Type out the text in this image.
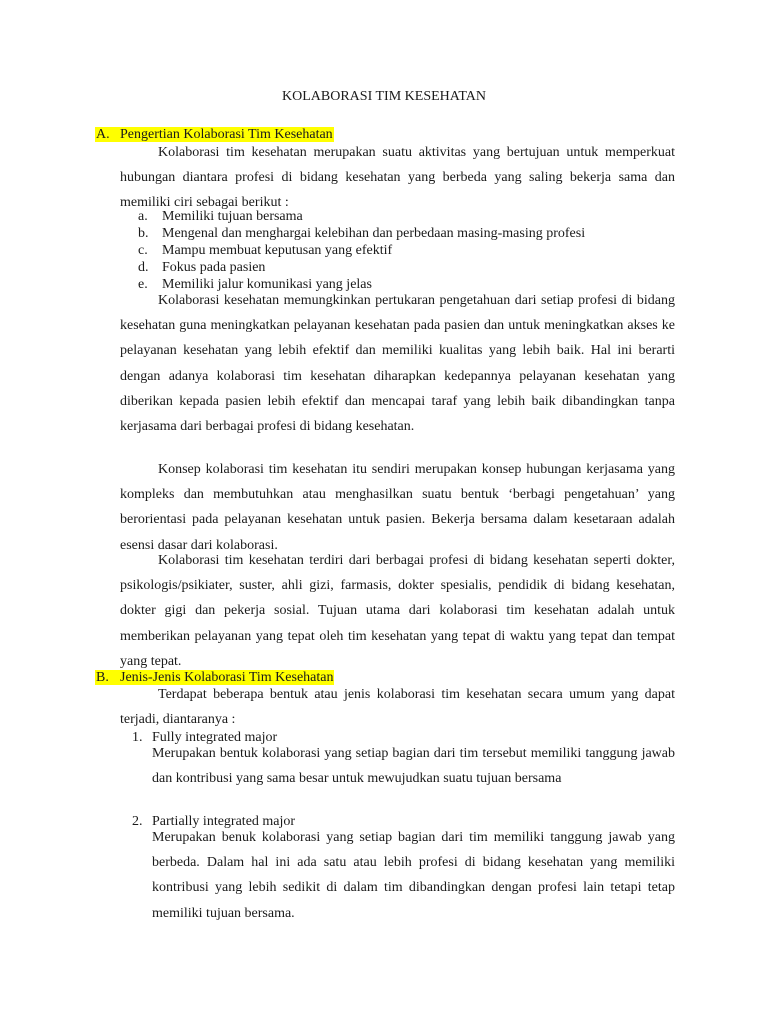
KOLABORASI TIM KESEHATAN
A. Pengertian Kolaborasi Tim Kesehatan

Kolaborasi tim kesehatan merupakan suatu aktivitas yang bertujuan untuk memperkuat hubungan diantara profesi di bidang kesehatan yang berbeda yang saling bekerja sama dan memiliki ciri sebagai berikut :

a. Memiliki tujuan bersama
b. Mengenal dan menghargai kelebihan dan perbedaan masing-masing profesi
c. Mampu membuat keputusan yang efektif
d. Fokus pada pasien
e. Memiliki jalur komunikasi yang jelas

Kolaborasi kesehatan memungkinkan pertukaran pengetahuan dari setiap profesi di bidang kesehatan guna meningkatkan pelayanan kesehatan pada pasien dan untuk meningkatkan akses ke pelayanan kesehatan yang lebih efektif dan memiliki kualitas yang lebih baik. Hal ini berarti dengan adanya kolaborasi tim kesehatan diharapkan kedepannya pelayanan kesehatan yang diberikan kepada pasien lebih efektif dan mencapai taraf yang lebih baik dibandingkan tanpa kerjasama dari berbagai profesi di bidang kesehatan.

Konsep kolaborasi tim kesehatan itu sendiri merupakan konsep hubungan kerjasama yang kompleks dan membutuhkan atau menghasilkan suatu bentuk ‘berbagi pengetahuan’ yang berorientasi pada pelayanan kesehatan untuk pasien. Bekerja bersama dalam kesetaraan adalah esensi dasar dari kolaborasi.

Kolaborasi tim kesehatan terdiri dari berbagai profesi di bidang kesehatan seperti dokter, psikologis/psikiater, suster, ahli gizi, farmasis, dokter spesialis, pendidik di bidang kesehatan, dokter gigi dan pekerja sosial. Tujuan utama dari kolaborasi tim kesehatan adalah untuk memberikan pelayanan yang tepat oleh tim kesehatan yang tepat di waktu yang tepat dan tempat yang tepat.

B. Jenis-Jenis Kolaborasi Tim Kesehatan

Terdapat beberapa bentuk atau jenis kolaborasi tim kesehatan secara umum yang dapat terjadi, diantaranya :

1. Fully integrated major

Merupakan bentuk kolaborasi yang setiap bagian dari tim tersebut memiliki tanggung jawab dan kontribusi yang sama besar untuk mewujudkan suatu tujuan bersama

2. Partially integrated major

Merupakan benuk kolaborasi yang setiap bagian dari tim memiliki tanggung jawab yang berbeda. Dalam hal ini ada satu atau lebih profesi di bidang kesehatan yang memiliki kontribusi yang lebih sedikit di dalam tim dibandingkan dengan profesi lain tetapi tetap memiliki tujuan bersama.
